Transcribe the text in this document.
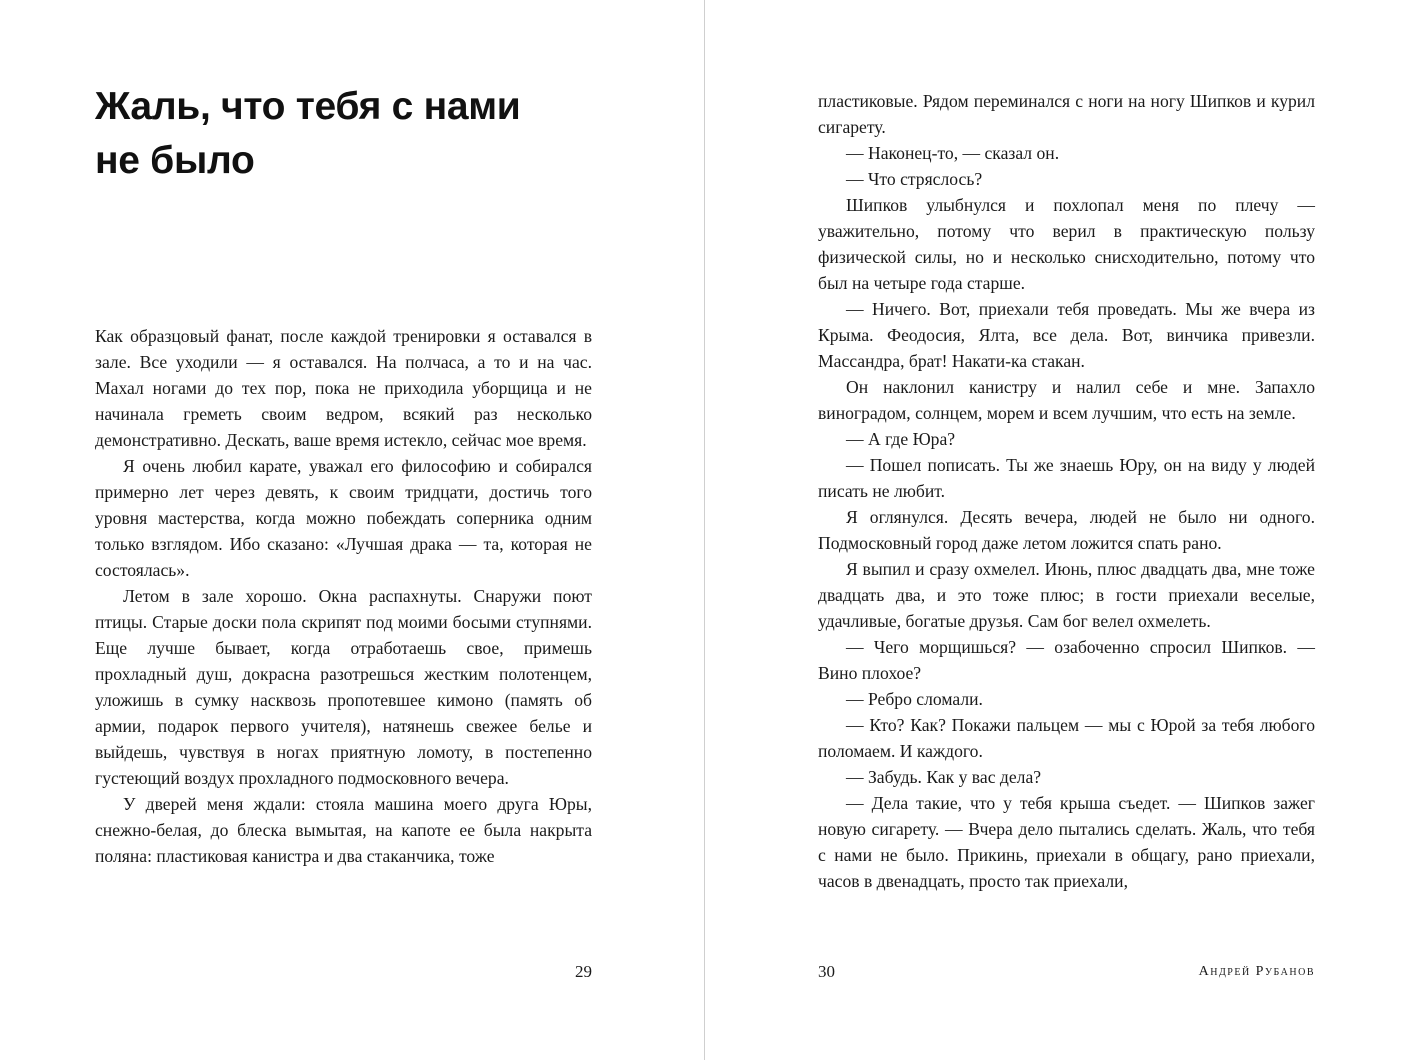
Жаль, что тебя с нами
не было

Как образцовый фанат, после каждой тренировки я оставался в зале. Все уходили — я оставался. На полчаса, а то и на час. Махал ногами до тех пор, пока не приходила уборщица и не начинала греметь своим ведром, всякий раз несколько демонстративно. Дескать, ваше время истекло, сейчас мое время.

Я очень любил карате, уважал его философию и собирался примерно лет через девять, к своим тридцати, достичь того уровня мастерства, когда можно побеждать соперника одним только взглядом. Ибо сказано: «Лучшая драка — та, которая не состоялась».

Летом в зале хорошо. Окна распахнуты. Снаружи поют птицы. Старые доски пола скрипят под моими босыми ступнями. Еще лучше бывает, когда отработаешь свое, примешь прохладный душ, докрасна разотрешься жестким полотенцем, уложишь в сумку насквозь пропотевшее кимоно (память об армии, подарок первого учителя), натянешь свежее белье и выйдешь, чувствуя в ногах приятную ломоту, в постепенно густеющий воздух прохладного подмосковного вечера.

У дверей меня ждали: стояла машина моего друга Юры, снежно-белая, до блеска вымытая, на капоте ее была накрыта поляна: пластиковая канистра и два стаканчика, тоже

29

пластиковые. Рядом переминался с ноги на ногу Шипков и курил сигарету.

— Наконец-то, — сказал он.

— Что стряслось?

Шипков улыбнулся и похлопал меня по плечу — уважительно, потому что верил в практическую пользу физической силы, но и несколько снисходительно, потому что был на четыре года старше.

— Ничего. Вот, приехали тебя проведать. Мы же вчера из Крыма. Феодосия, Ялта, все дела. Вот, винчика привезли. Массандра, брат! Накати-ка стакан.

Он наклонил канистру и налил себе и мне. Запахло виноградом, солнцем, морем и всем лучшим, что есть на земле.

— А где Юра?

— Пошел пописать. Ты же знаешь Юру, он на виду у людей писать не любит.

Я оглянулся. Десять вечера, людей не было ни одного. Подмосковный город даже летом ложится спать рано.

Я выпил и сразу охмелел. Июнь, плюс двадцать два, мне тоже двадцать два, и это тоже плюс; в гости приехали веселые, удачливые, богатые друзья. Сам бог велел охмелеть.

— Чего морщишься? — озабоченно спросил Шипков. — Вино плохое?

— Ребро сломали.

— Кто? Как? Покажи пальцем — мы с Юрой за тебя любого поломаем. И каждого.

— Забудь. Как у вас дела?

— Дела такие, что у тебя крыша съедет. — Шипков зажег новую сигарету. — Вчера дело пытались сделать. Жаль, что тебя с нами не было. Прикинь, приехали в общагу, рано приехали, часов в двенадцать, просто так приехали,

30	Андрей Рубанов
